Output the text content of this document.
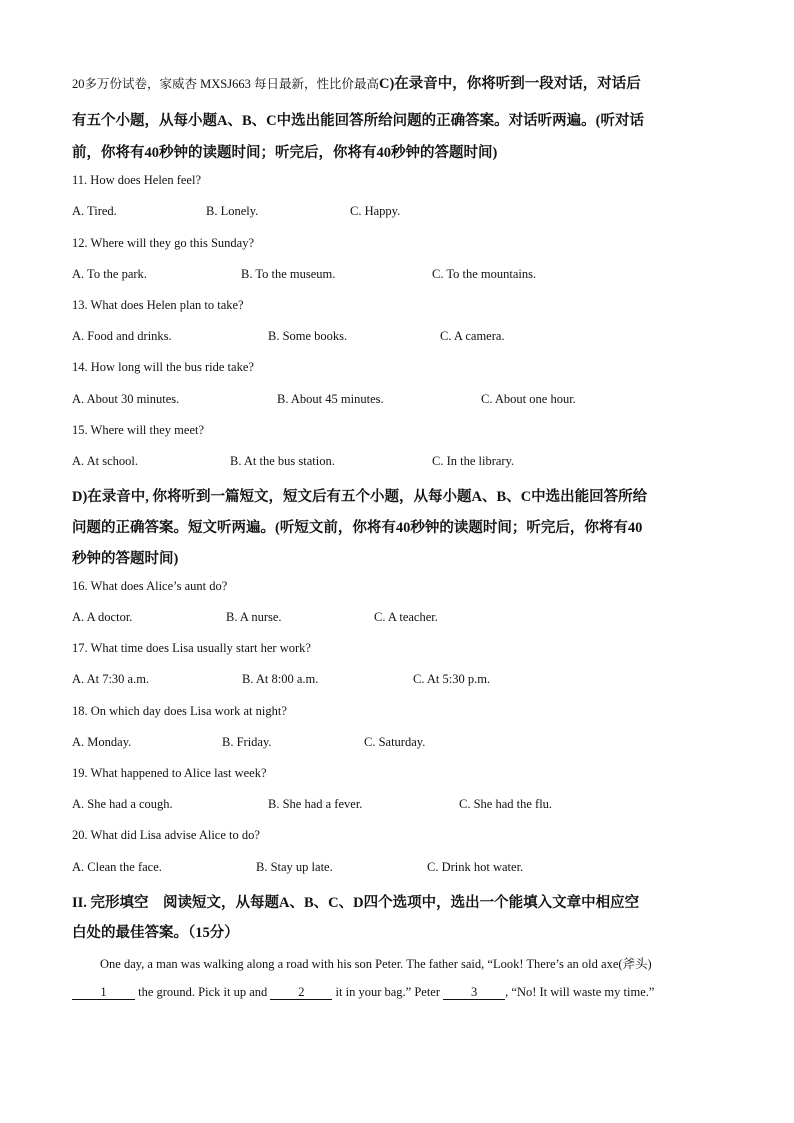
20多万份试卷，家威杏 MXSJ663 每日最新，性比价最高C)在录音中，你将听到一段对话，对话后
有五个小题，从每小题A、B、C中选出能回答所给问题的正确答案。对话听两遍。(听对话
前，你将有40秒钟的读题时间；听完后，你将有40秒钟的答题时间)
11. How does Helen feel?
A. Tired.	B. Lonely.	C. Happy.
12. Where will they go this Sunday?
A. To the park.	B. To the museum.	C. To the mountains.
13. What does Helen plan to take?
A. Food and drinks.	B. Some books.	C. A camera.
14. How long will the bus ride take?
A. About 30 minutes.	B. About 45 minutes.	C. About one hour.
15. Where will they meet?
A. At school.	B. At the bus station.	C. In the library.
D)在录音中, 你将听到一篇短文，短文后有五个小题，从每小题A、B、C中选出能回答所给
问题的正确答案。短文听两遍。(听短文前，你将有40秒钟的读题时间；听完后，你将有40
秒钟的答题时间)
16. What does Alice’s aunt do?
A. A doctor.	B. A nurse.	C. A teacher.
17. What time does Lisa usually start her work?
A. At 7:30 a.m.	B. At 8:00 a.m.	C. At 5:30 p.m.
18. On which day does Lisa work at night?
A. Monday.	B. Friday.	C. Saturday.
19. What happened to Alice last week?
A. She had a cough.	B. She had a fever.	C. She had the flu.
20. What did Lisa advise Alice to do?
A. Clean the face.	B. Stay up late.	C. Drink hot water.
II. 完形填空　阅读短文，从每题A、B、C、D四个选项中，选出一个能填入文章中相应空
白处的最佳答案。（15分）
One day, a man was walking along a road with his son Peter. The father said, “Look! There’s an old axe(斧头)
1 the ground. Pick it up and 2 it in your bag.” Peter 3 , “No! It will waste my time.”
